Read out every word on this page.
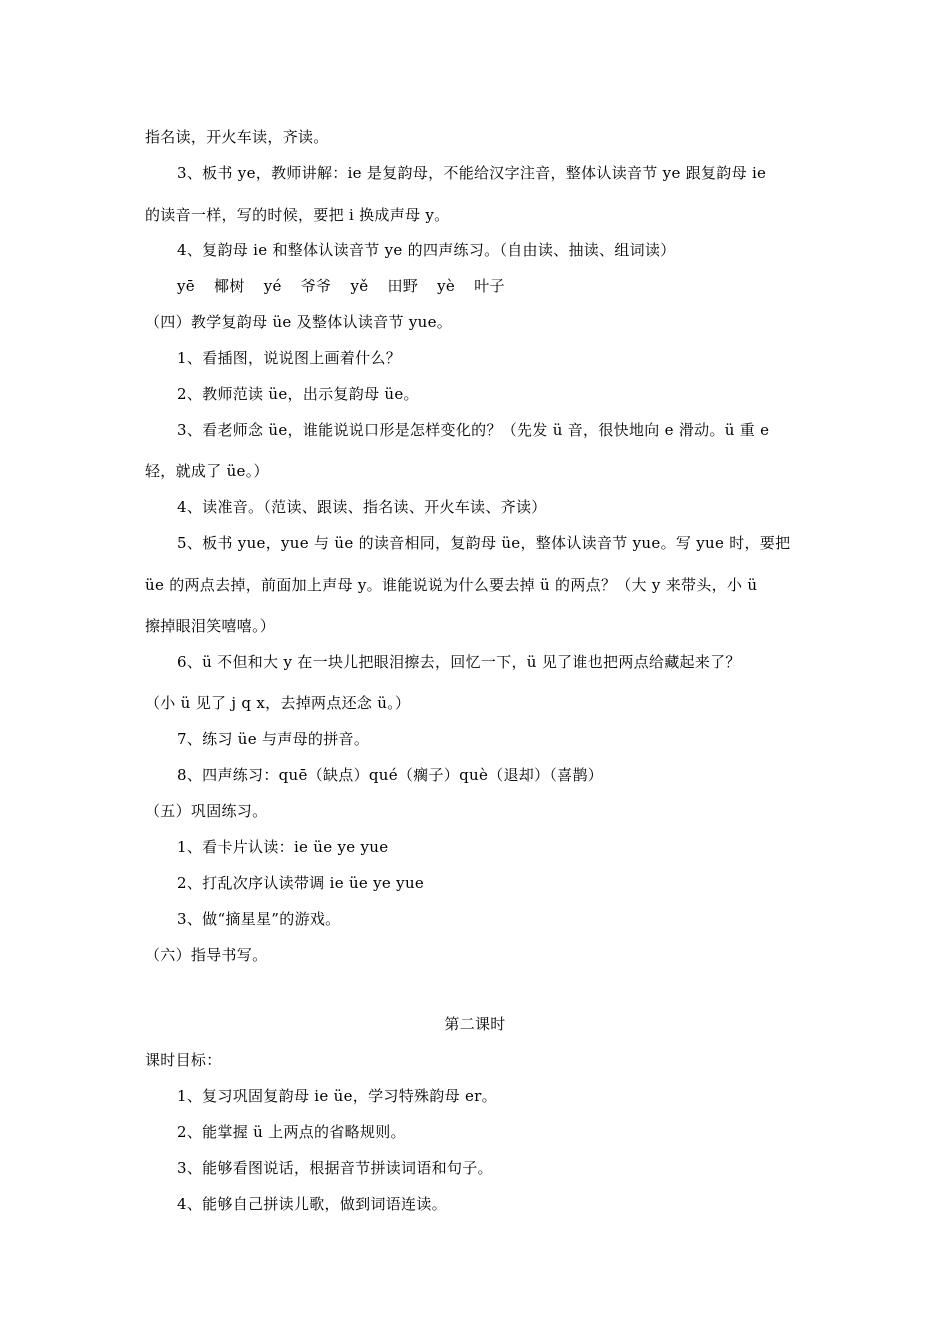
指名读，开火车读，齐读。
3、板书 ye，教师讲解：ie 是复韵母，不能给汉字注音，整体认读音节 ye 跟复韵母 ie
的读音一样，写的时候，要把 i 换成声母 y。
4、复韵母 ie 和整体认读音节 ye 的四声练习。（自由读、抽读、组词读）
yē 椰树 yé 爷爷 yě 田野 yè 叶子
（四）教学复韵母 üe 及整体认读音节 yue。
1、看插图，说说图上画着什么？
2、教师范读 üe，出示复韵母 üe。
3、看老师念 üe，谁能说说口形是怎样变化的？（先发 ü 音，很快地向 e 滑动。ü 重 e
轻，就成了 üe。）
4、读准音。（范读、跟读、指名读、开火车读、齐读）
5、板书 yue，yue 与 üe 的读音相同，复韵母 üe，整体认读音节 yue。写 yue 时，要把
üe 的两点去掉，前面加上声母 y。谁能说说为什么要去掉 ü 的两点？（大 y 来带头，小 ü
擦掉眼泪笑嘻嘻。）
6、ü 不但和大 y 在一块儿把眼泪擦去，回忆一下，ü 见了谁也把两点给藏起来了？
（小 ü 见了 j q x，去掉两点还念 ü。）
7、练习 üe 与声母的拼音。
8、四声练习：quē（缺点）qué（瘸子）què（退却）（喜鹊）
（五）巩固练习。
1、看卡片认读：ie üe ye yue
2、打乱次序认读带调 ie üe ye yue
3、做“摘星星”的游戏。
（六）指导书写。
第二课时
课时目标：
1、复习巩固复韵母 ie üe，学习特殊韵母 er。
2、能掌握 ü 上两点的省略规则。
3、能够看图说话，根据音节拼读词语和句子。
4、能够自己拼读儿歌，做到词语连读。
